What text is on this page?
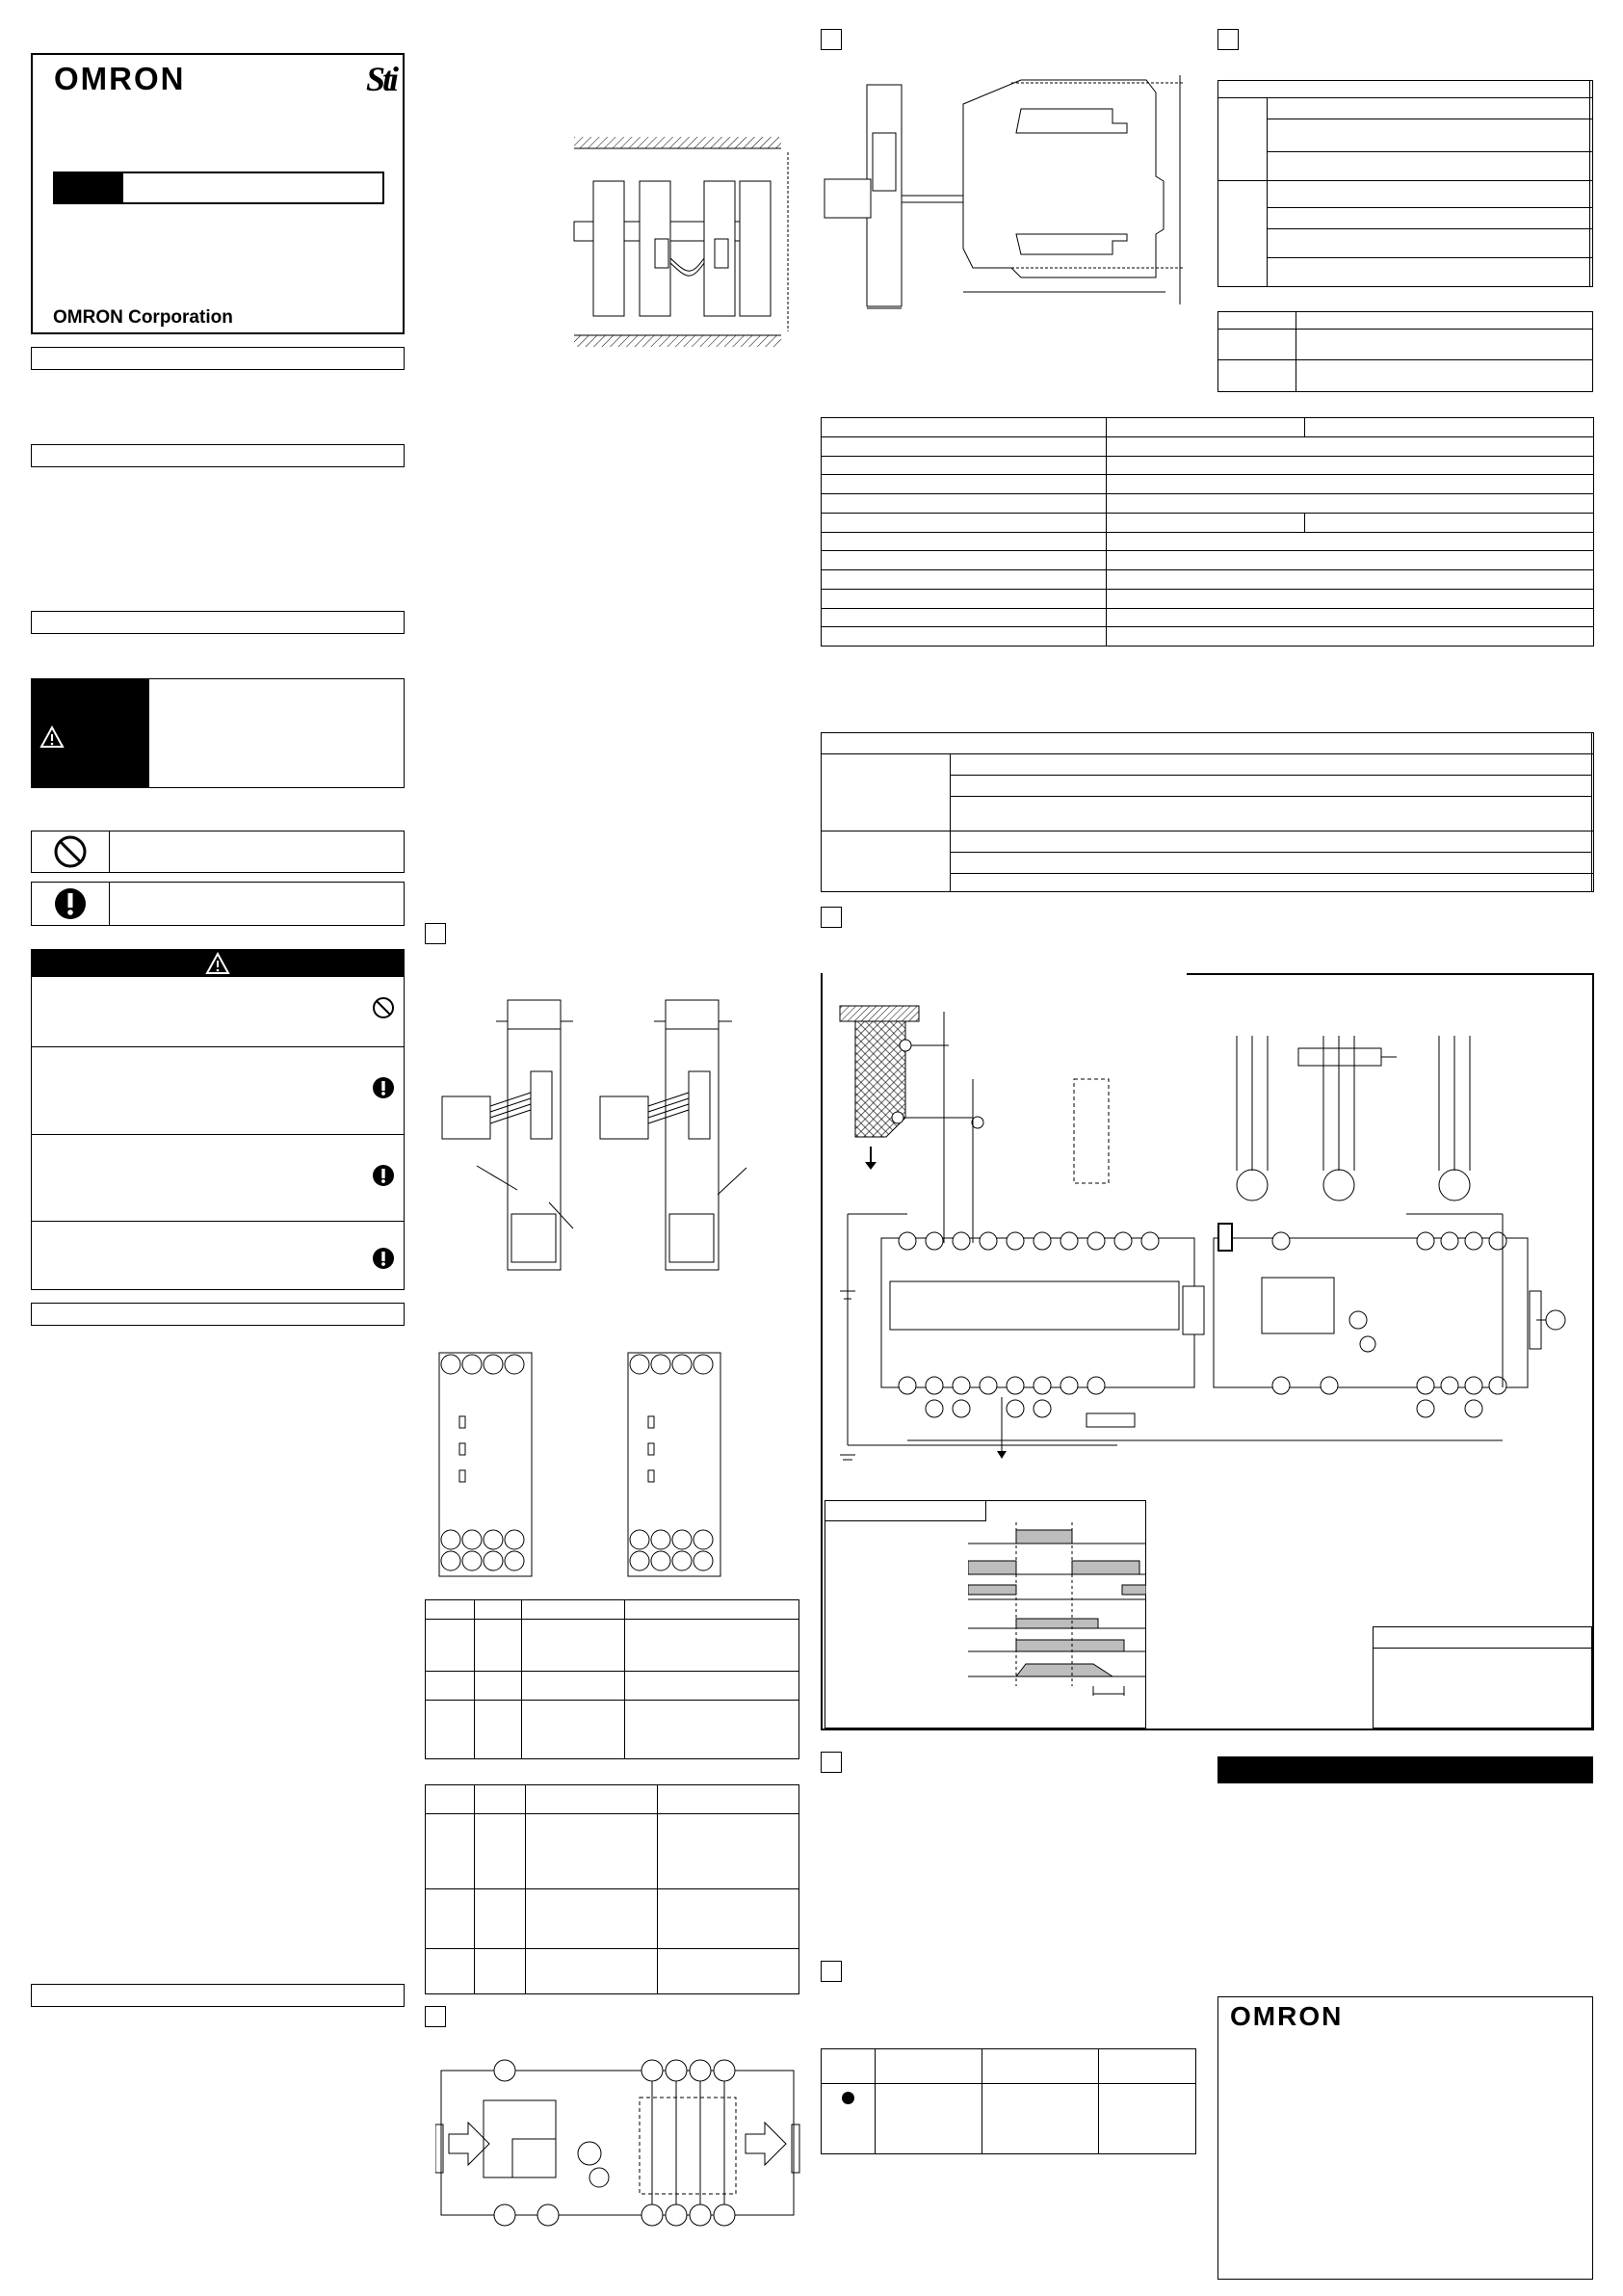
OMRON	Sti
OMRON Corporation

OMRON
